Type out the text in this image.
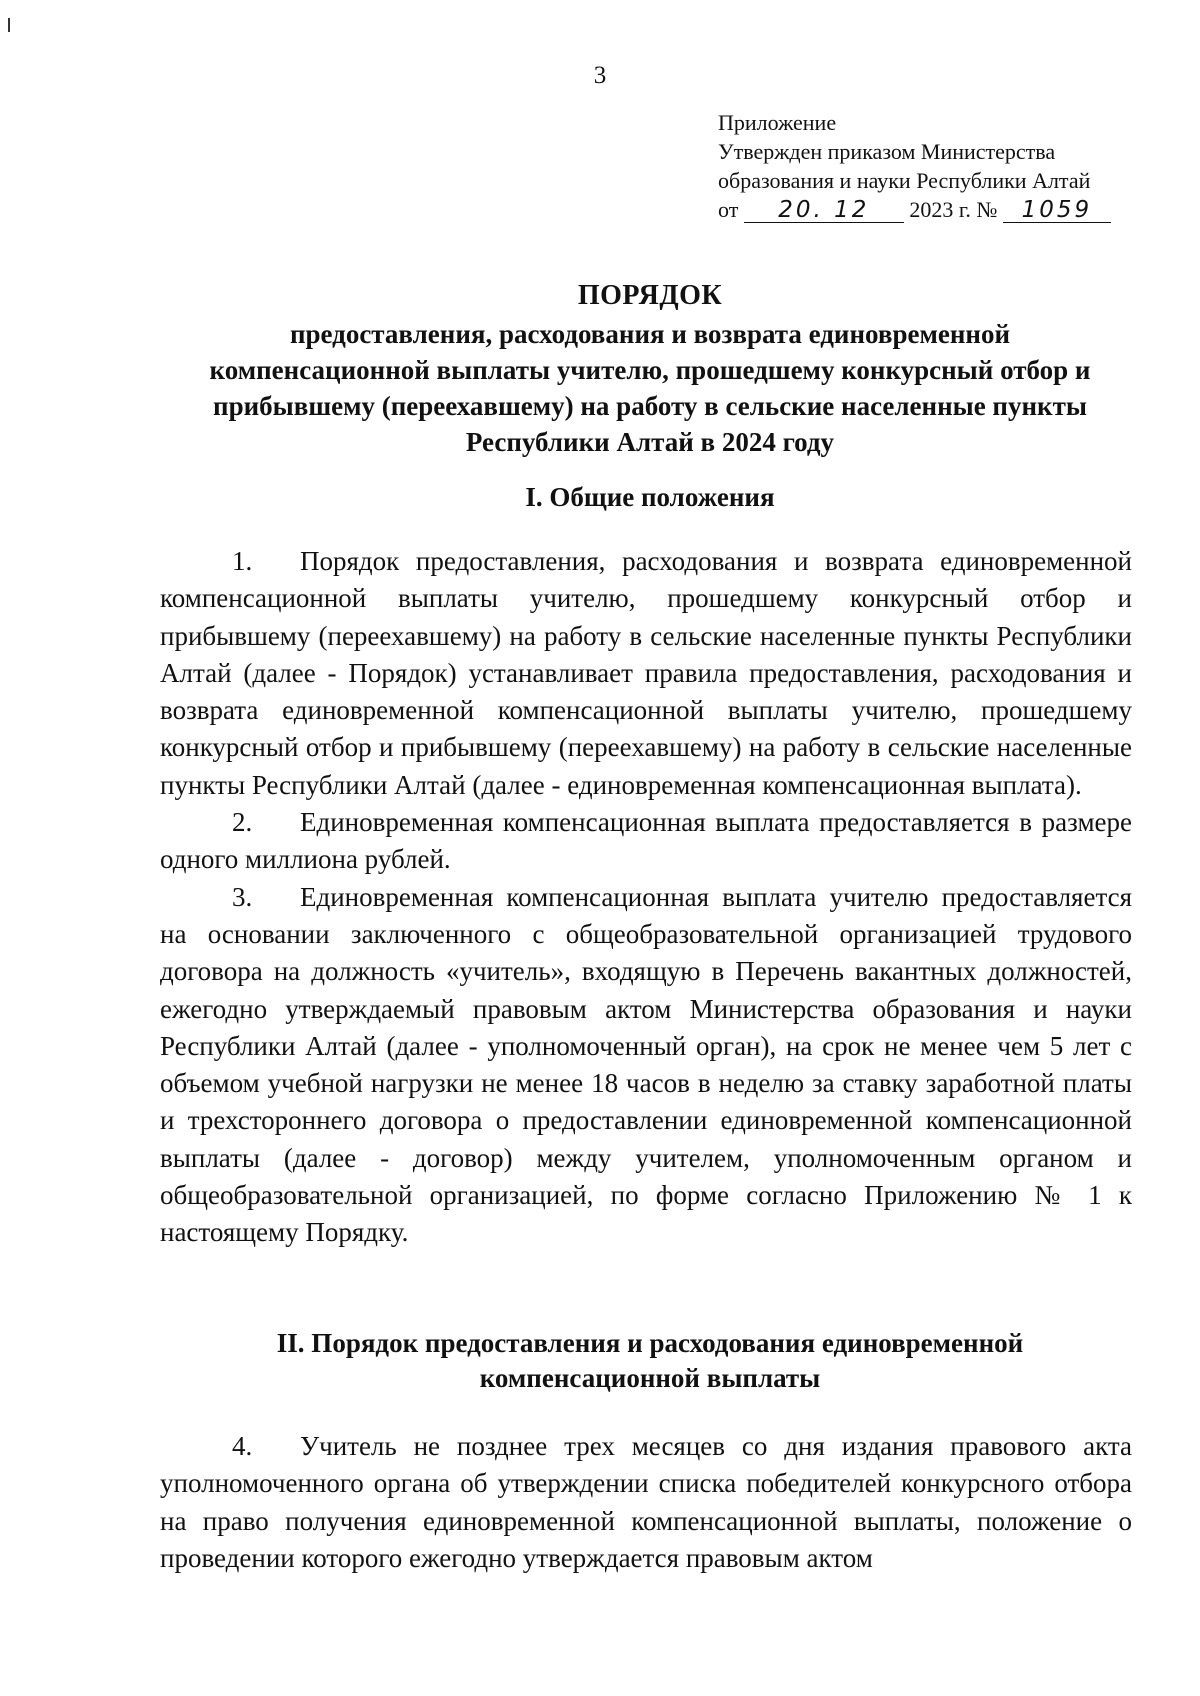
3
Приложение
Утвержден приказом Министерства
образования и науки Республики Алтай
от 20. 12 2023 г. № 1059
ПОРЯДОК
предоставления, расходования и возврата единовременной
компенсационной выплаты учителю, прошедшему конкурсный отбор и
прибывшему (переехавшему) на работу в сельские населенные пункты
Республики Алтай в 2024 году
I. Общие положения

1. Порядок предоставления, расходования и возврата единовременной компенсационной выплаты учителю, прошедшему конкурсный отбор и прибывшему (переехавшему) на работу в сельские населенные пункты Республики Алтай (далее - Порядок) устанавливает правила предоставления, расходования и возврата единовременной компенсационной выплаты учителю, прошедшему конкурсный отбор и прибывшему (переехавшему) на работу в сельские населенные пункты Республики Алтай (далее - единовременная компенсационная выплата).

2. Единовременная компенсационная выплата предоставляется в размере одного миллиона рублей.

3. Единовременная компенсационная выплата учителю предоставляется на основании заключенного с общеобразовательной организацией трудового договора на должность «учитель», входящую в Перечень вакантных должностей, ежегодно утверждаемый правовым актом Министерства образования и науки Республики Алтай (далее - уполномоченный орган), на срок не менее чем 5 лет с объемом учебной нагрузки не менее 18 часов в неделю за ставку заработной платы и трехстороннего договора о предоставлении единовременной компенсационной выплаты (далее - договор) между учителем, уполномоченным органом и общеобразовательной организацией, по форме согласно Приложению № 1 к настоящему Порядку.

II. Порядок предоставления и расходования единовременной
компенсационной выплаты

4. Учитель не позднее трех месяцев со дня издания правового акта уполномоченного органа об утверждении списка победителей конкурсного отбора на право получения единовременной компенсационной выплаты, положение о проведении которого ежегодно утверждается правовым актом
